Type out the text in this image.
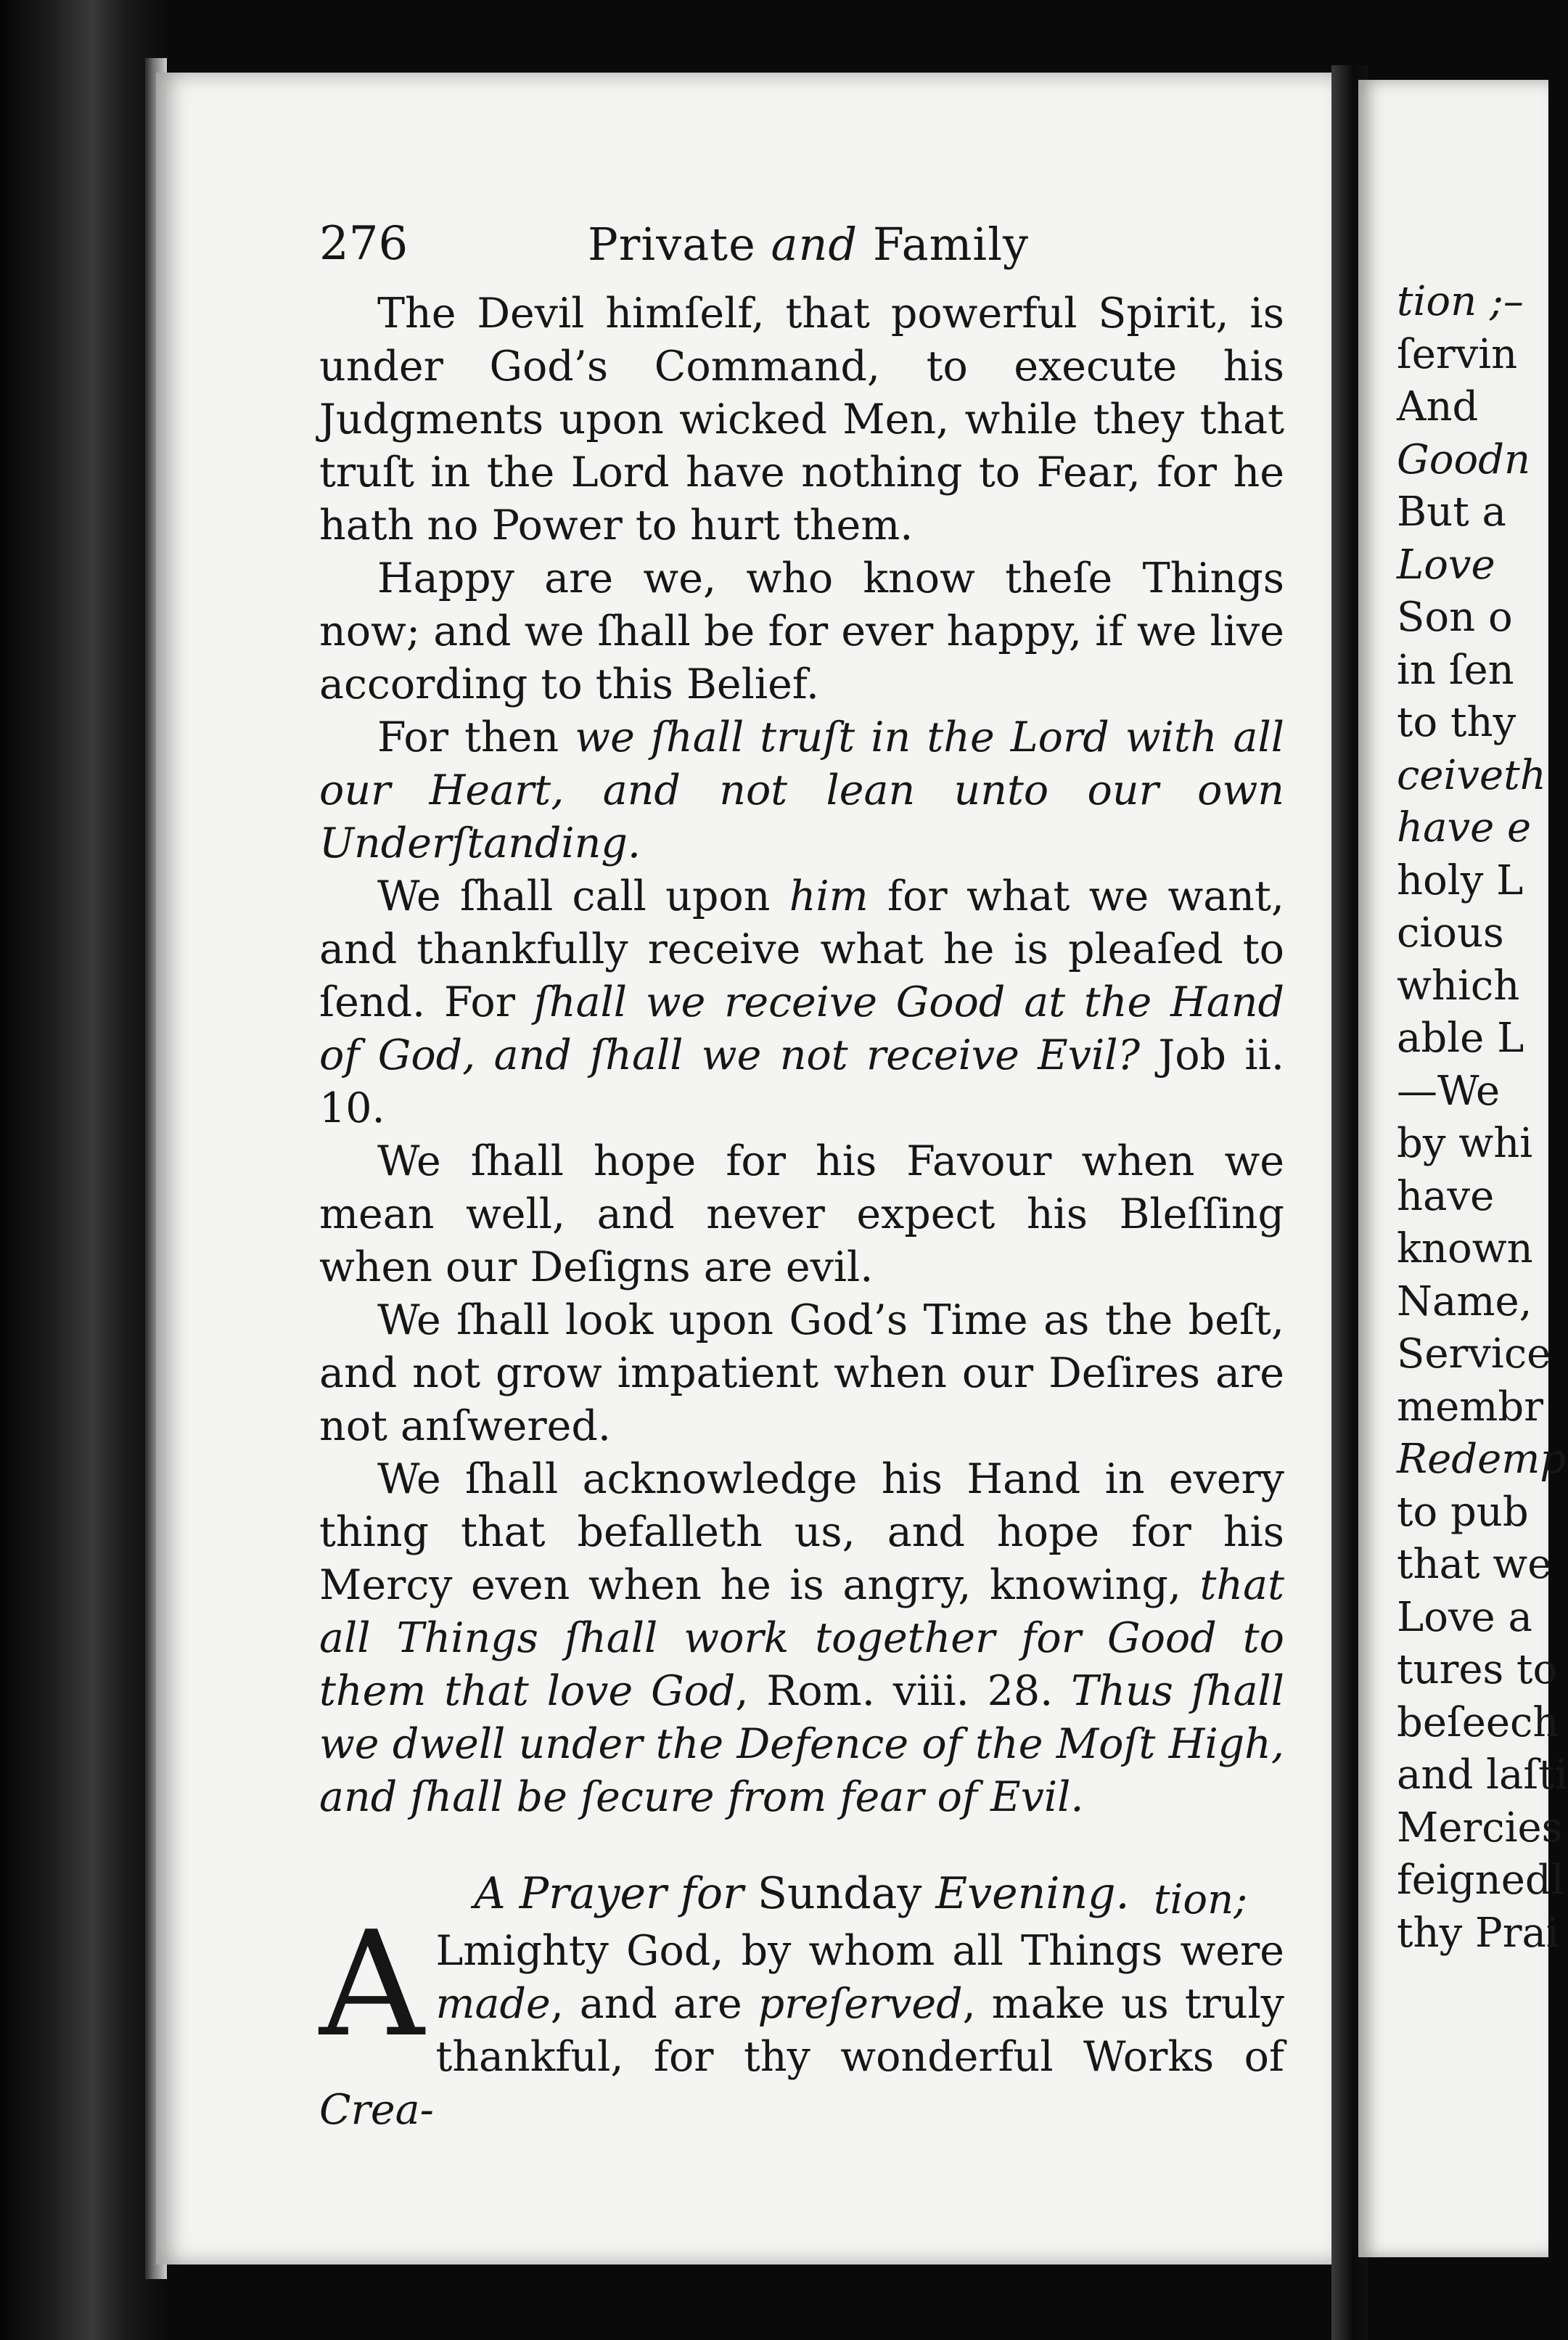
276	Private and Family

The Devil himſelf, that powerful Spirit, is under God’s Command, to execute his Judgments upon wicked Men, while they that truſt in the Lord have nothing to Fear, for he hath no Power to hurt them.

Happy are we, who know theſe Things now; and we ſhall be for ever happy, if we live according to this Belief.

For then we ſhall truſt in the Lord with all our Heart, and not lean unto our own Underſtanding.

We ſhall call upon him for what we want, and thankfully receive what he is pleaſed to ſend. For ſhall we receive Good at the Hand of God, and ſhall we not receive Evil? Job ii. 10.

We ſhall hope for his Favour when we mean well, and never expect his Bleſſing when our Deſigns are evil.

We ſhall look upon God’s Time as the beſt, and not grow impatient when our Deſires are not anſwered.

We ſhall acknowledge his Hand in every thing that befalleth us, and hope for his Mercy even when he is angry, knowing, that all Things ſhall work together for Good to them that love God, Rom. viii. 28. Thus ſhall we dwell under the Defence of the Moſt High, and ſhall be ſecure from fear of Evil.

A Prayer for Sunday Evening.

A Lmighty God, by whom all Things were made, and are preſerved, make us truly thankful, for thy wonderful Works of Crea-

tion;
tion ;–
ſervin
And
Goodn
But a
Love
Son o
in ſen
to thy
ceiveth
have e
holy L
cious
which
able L
—We
by whi
have
known
Name,
Service
membr
Redemp
to pub
that we
Love a
tures to
beſeech
and laſti
Mercies
feignedl
thy Prai
